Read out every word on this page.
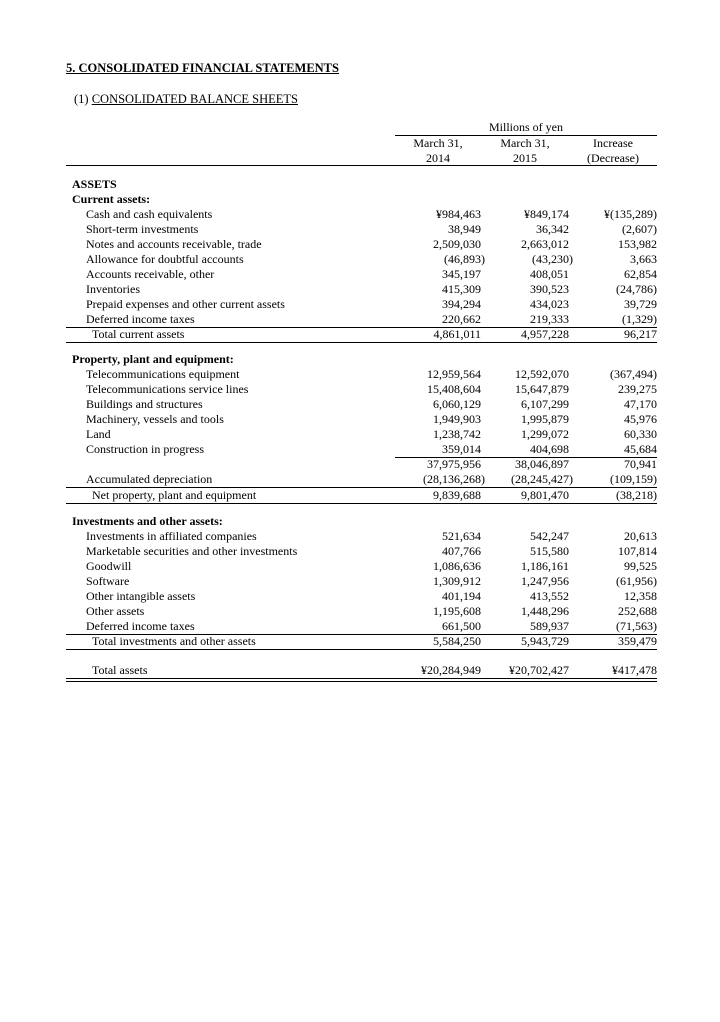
5. CONSOLIDATED FINANCIAL STATEMENTS
(1) CONSOLIDATED BALANCE SHEETS
Millions of yen
March 31,
2014
March 31,
2015
Increase
(Decrease)
ASSETS
Current assets:
Cash and cash equivalents	¥984,463	¥849,174	¥(135,289)
Short-term investments	38,949	36,342	(2,607)
Notes and accounts receivable, trade	2,509,030	2,663,012	153,982
Allowance for doubtful accounts	(46,893)	(43,230)	3,663
Accounts receivable, other	345,197	408,051	62,854
Inventories	415,309	390,523	(24,786)
Prepaid expenses and other current assets	394,294	434,023	39,729
Deferred income taxes	220,662	219,333	(1,329)
Total current assets	4,861,011	4,957,228	96,217
Property, plant and equipment:
Telecommunications equipment	12,959,564	12,592,070	(367,494)
Telecommunications service lines	15,408,604	15,647,879	239,275
Buildings and structures	6,060,129	6,107,299	47,170
Machinery, vessels and tools	1,949,903	1,995,879	45,976
Land	1,238,742	1,299,072	60,330
Construction in progress	359,014	404,698	45,684
37,975,956	38,046,897	70,941
Accumulated depreciation	(28,136,268) (28,245,427)	(109,159)
Net property, plant and equipment	9,839,688	9,801,470	(38,218)
Investments and other assets:
Investments in affiliated companies	521,634	542,247	20,613
Marketable securities and other investments	407,766	515,580	107,814
Goodwill	1,086,636	1,186,161	99,525
Software	1,309,912	1,247,956	(61,956)
Other intangible assets	401,194	413,552	12,358
Other assets	1,195,608	1,448,296	252,688
Deferred income taxes	661,500	589,937	(71,563)
Total investments and other assets	5,584,250	5,943,729	359,479
Total assets	¥20,284,949 ¥20,702,427	¥417,478
